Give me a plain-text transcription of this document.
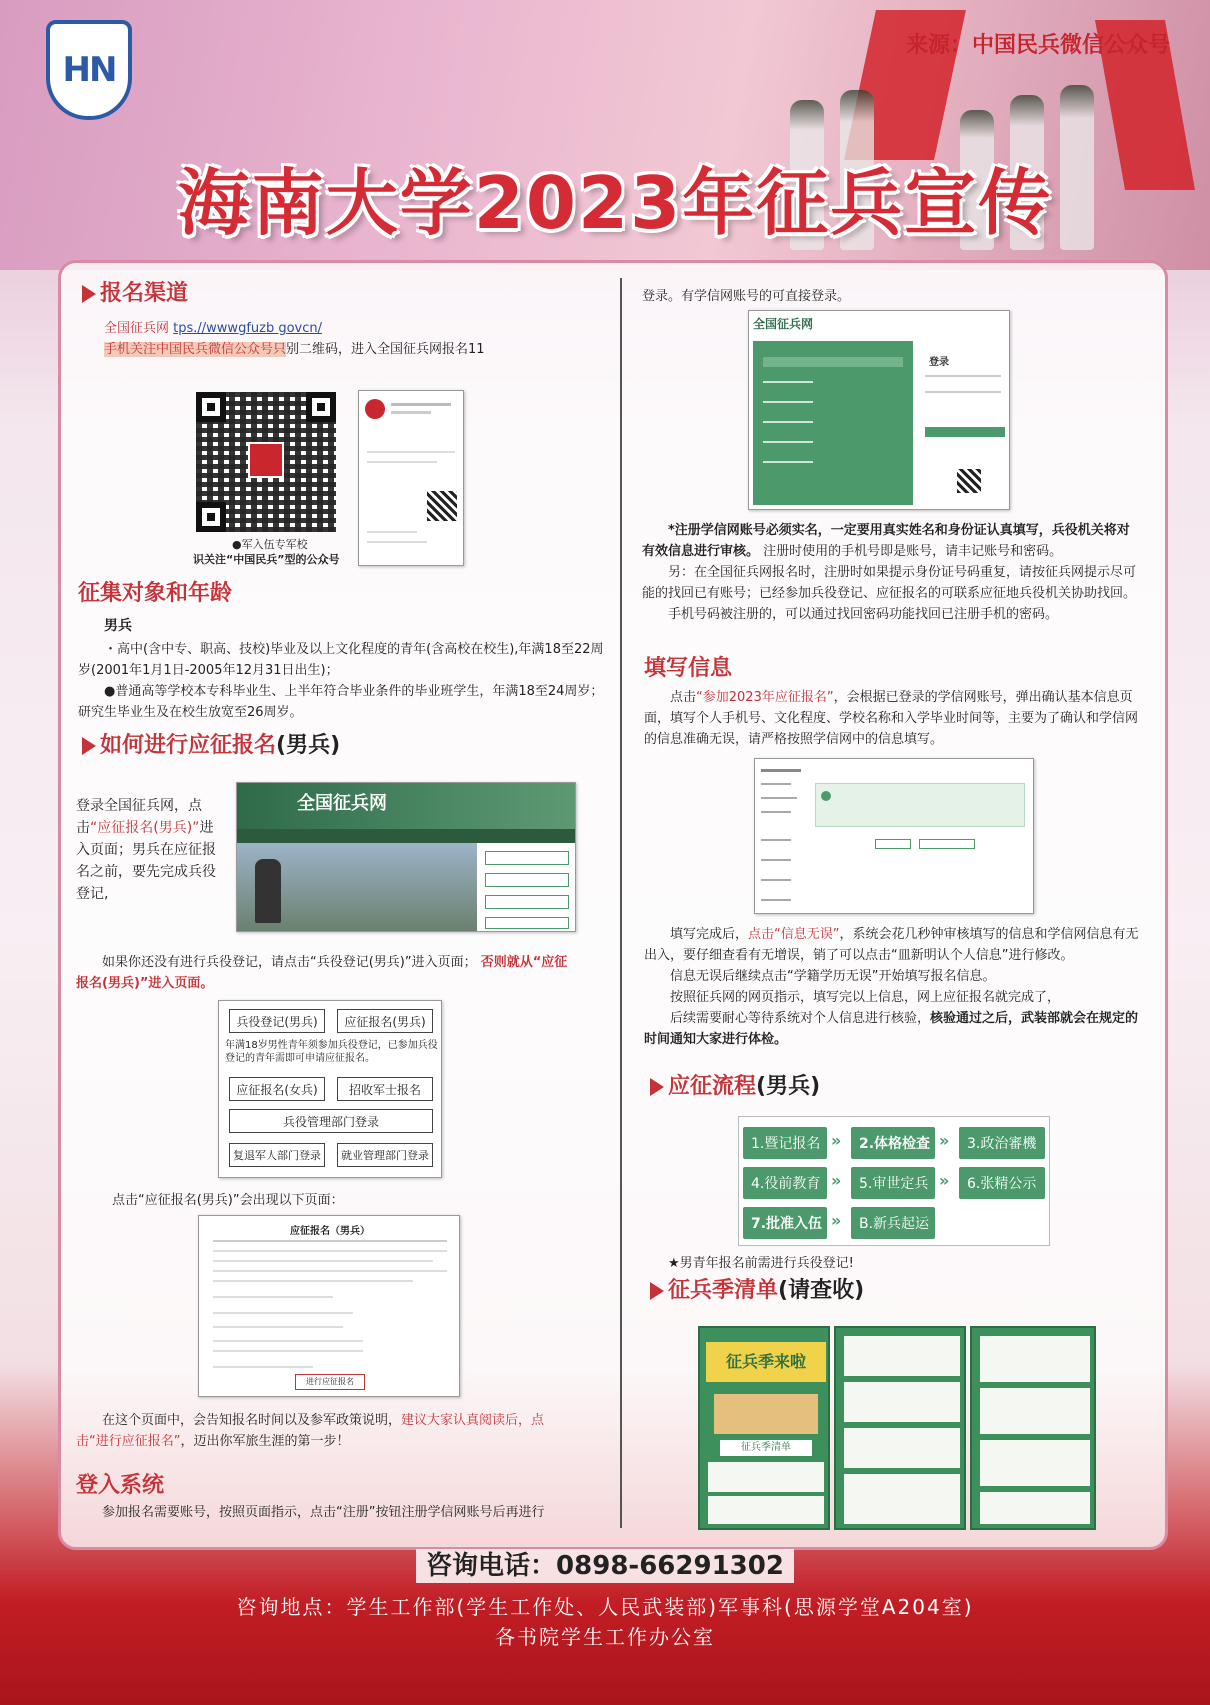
HN
来源：中国民兵微信公众号
海南大学2023年征兵宣传
报名渠道
全国征兵网 tps.//wwwgfuzb govcn/
手机关注中国民兵微信公众号只别二维码，进入全国征兵网报名11
●军入伍专军校
识关注“中国民兵”型的公众号
征集对象和年龄
男兵

・高中(含中专、职高、技校)毕业及以上文化程度的青年(含高校在校生),年满18至22周岁(2001年1月1日-2005年12月31日出生)；

●普通高等学校本专科毕业生、上半年符合毕业条件的毕业班学生，年满18至24周岁；研究生毕业生及在校生放宽至26周岁。

如何进行应征报名 (男兵)
登录全国征兵网，点击“应征报名(男兵)”进入页面；男兵在应征报名之前，要先完成兵役登记,
全国征兵网

如果你还没有进行兵役登记，请点击“兵役登记(男兵)”进入页面； 否则就从“应征报名(男兵)”进入页面。

兵役登记(男兵)	应征报名(男兵)
年满18岁男性青年须参加兵役登记，已参加兵役登记的青年需即可申请应征报名。
应征报名(女兵)	招收军士报名
兵役管理部门登录
复退军人部门登录	就业管理部门登录
点击“应征报名(男兵)”会出现以下页面：
应征报名（男兵）
进行应征报名

在这个页面中，会告知报名时间以及参军政策说明，建议大家认真阅读后，点击“进行应征报名”，迈出你军旅生涯的第一步！

登入系统

参加报名需要账号，按照页面指示，点击“注册”按钮注册学信网账号后再进行

登录。有学信网账号的可直接登录。
全国征兵网
登录

*注册学信网账号必须实名，一定要用真实姓名和身份证认真填写，兵役机关将对有效信息进行审核。 注册时使用的手机号即是账号，请丰记账号和密码。

另：在全国征兵网报名时，注册时如果提示身份证号码重复，请按征兵网提示尽可能的找回已有账号；已经参加兵役登记、应征报名的可联系应征地兵役机关协助找回。

手机号码被注册的，可以通过找回密码功能找回已注册手机的密码。

填写信息

点击“参加2023年应征报名”，会根据已登录的学信网账号，弹出确认基本信息页面，填写个人手机号、文化程度、学校名称和入学毕业时间等，主要为了确认和学信网的信息准确无误，请严格按照学信网中的信息填写。

填写完成后，点击“信息无误”，系统会花几秒钟审核填写的信息和学信网信息有无出入，要仔细查看有无增误，销了可以点击“皿新明认个人信息”进行修改。

信息无误后继续点击“学籍学历无误”开始填写报名信息。

按照征兵网的网页指示，填写完以上信息，网上应征报名就完成了，

后续需要耐心等待系统对个人信息进行核验，核验通过之后，武装部就会在规定的时间通知大家进行体检。

应征流程 (男兵)
1.暨记报名 »	2.体格检查 »	3.政治審機
4.役前教育 »	5.审世定兵 »	6.张精公示
7.批准入伍 »	B.新兵起运
★男青年报名前需进行兵役登记!
征兵季清单 (请查收)
征兵季来啦
征兵季清单
咨询电话：0898-66291302
咨询地点：学生工作部(学生工作处、人民武装部)军事科(思源学堂A204室)
各书院学生工作办公室
